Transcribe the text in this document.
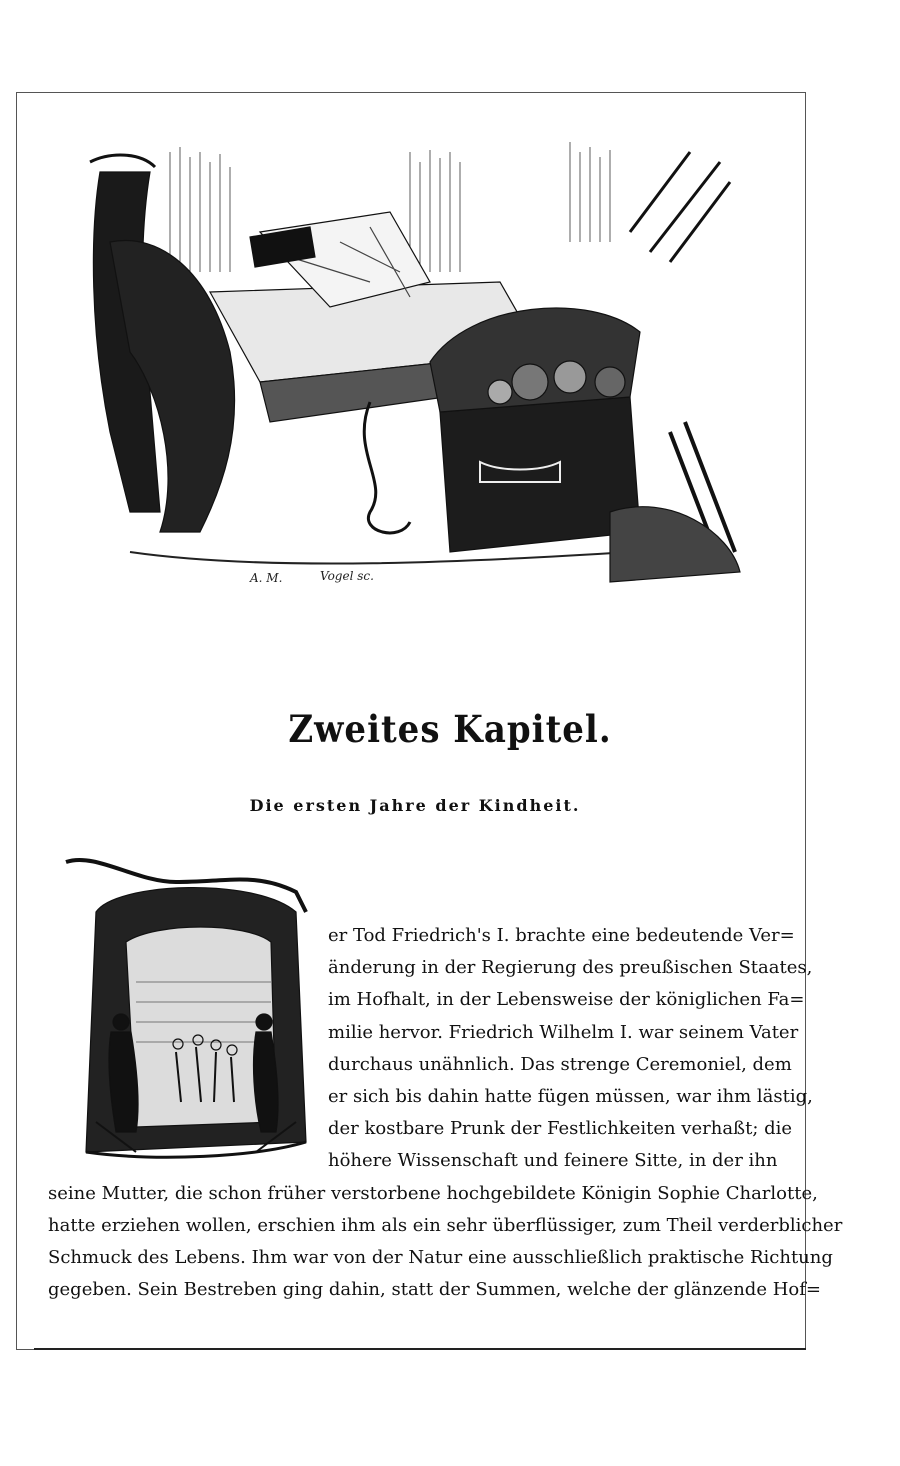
A. M.	Vogel sc.
Zweites Kapitel.
Die ersten Jahre der Kindheit.
er Tod Friedrich's I. brachte eine bedeutende Ver=
änderung in der Regierung des preußischen Staates,
im Hofhalt, in der Lebensweise der königlichen Fa=
milie hervor. Friedrich Wilhelm I. war seinem Vater
durchaus unähnlich. Das strenge Ceremoniel, dem
er sich bis dahin hatte fügen müssen, war ihm lästig,
der kostbare Prunk der Festlichkeiten verhaßt; die
höhere Wissenschaft und feinere Sitte, in der ihn
seine Mutter, die schon früher verstorbene hochgebildete Königin Sophie Charlotte,
hatte erziehen wollen, erschien ihm als ein sehr überflüssiger, zum Theil verderblicher
Schmuck des Lebens. Ihm war von der Natur eine ausschließlich praktische Richtung
gegeben. Sein Bestreben ging dahin, statt der Summen, welche der glänzende Hof=
